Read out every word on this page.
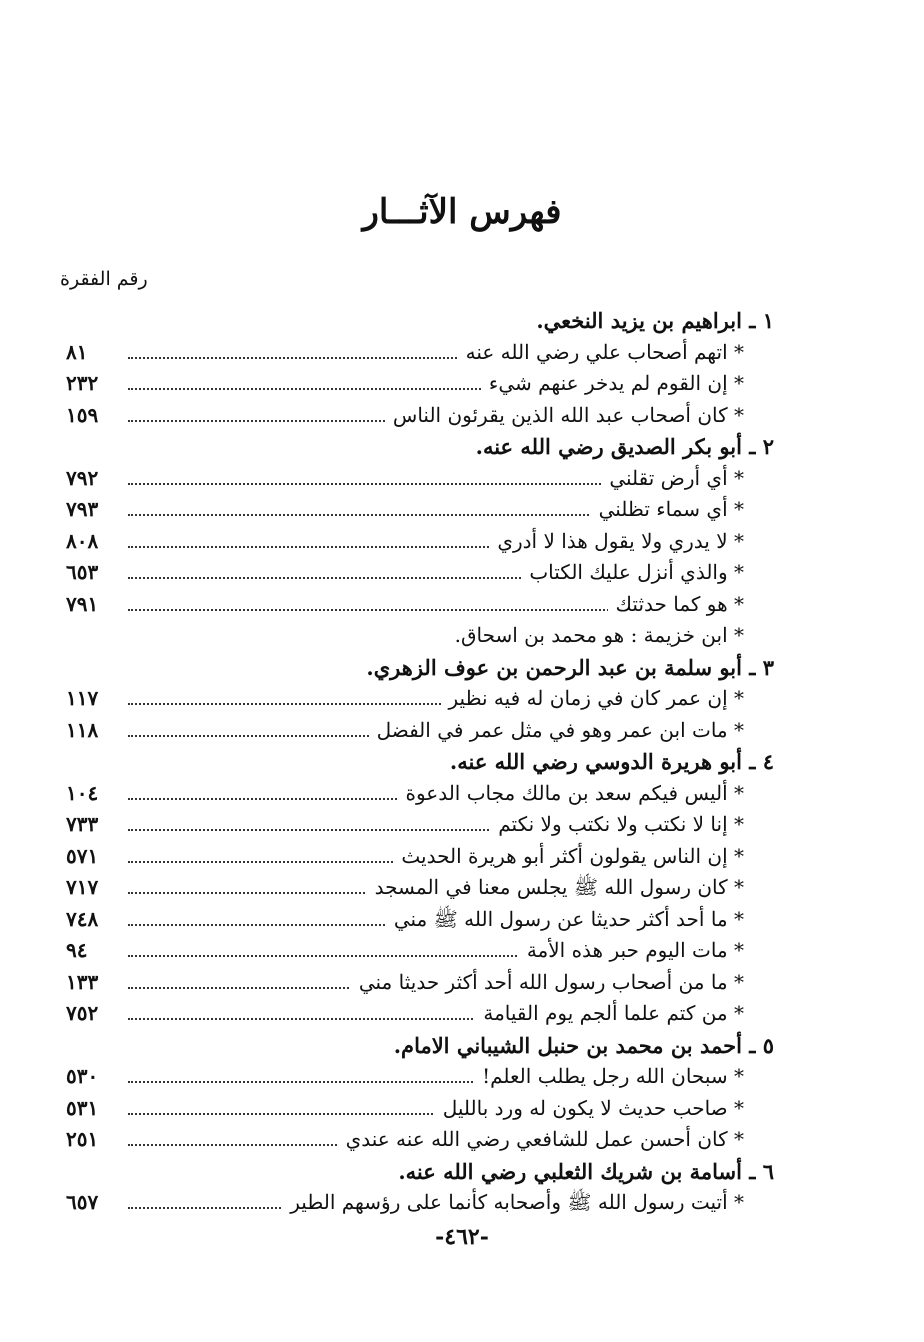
فهرس الآثـــار
رقم الفقرة
١ ـ ابراهيم بن يزيد النخعي.
* اتهم أصحاب علي رضي الله عنه
٨١
* إن القوم لم يدخر عنهم شيء
٢٣٢
* كان أصحاب عبد الله الذين يقرئون الناس
١٥٩
٢ ـ أبو بكر الصديق رضي الله عنه.
* أي أرض تقلني
٧٩٢
* أي سماء تظلني
٧٩٣
* لا يدري ولا يقول هذا لا أدري
٨٠٨
* والذي أنزل عليك الكتاب
٦٥٣
* هو كما حدثتك
٧٩١
* ابن خزيمة : هو محمد بن اسحاق.
٣ ـ أبو سلمة بن عبد الرحمن بن عوف الزهري.
* إن عمر كان في زمان له فيه نظير
١١٧
* مات ابن عمر وهو في مثل عمر في الفضل
١١٨
٤ ـ أبو هريرة الدوسي رضي الله عنه.
* أليس فيكم سعد بن مالك مجاب الدعوة
١٠٤
* إنا لا نكتب ولا نكتب ولا نكتم
٧٣٣
* إن الناس يقولون أكثر أبو هريرة الحديث
٥٧١
* كان رسول الله ﷺ يجلس معنا في المسجد
٧١٧
* ما أحد أكثر حديثا عن رسول الله ﷺ مني
٧٤٨
* مات اليوم حبر هذه الأمة
٩٤
* ما من أصحاب رسول الله أحد أكثر حديثا مني
١٣٣
* من كتم علما ألجم يوم القيامة
٧٥٢
٥ ـ أحمد بن محمد بن حنبل الشيباني الامام.
* سبحان الله رجل يطلب العلم!
٥٣٠
* صاحب حديث لا يكون له ورد بالليل
٥٣١
* كان أحسن عمل للشافعي رضي الله عنه عندي
٢٥١
٦ ـ أسامة بن شريك الثعلبي رضي الله عنه.
* أتيت رسول الله ﷺ وأصحابه كأنما على رؤسهم الطير
٦٥٧
-٤٦٢-
